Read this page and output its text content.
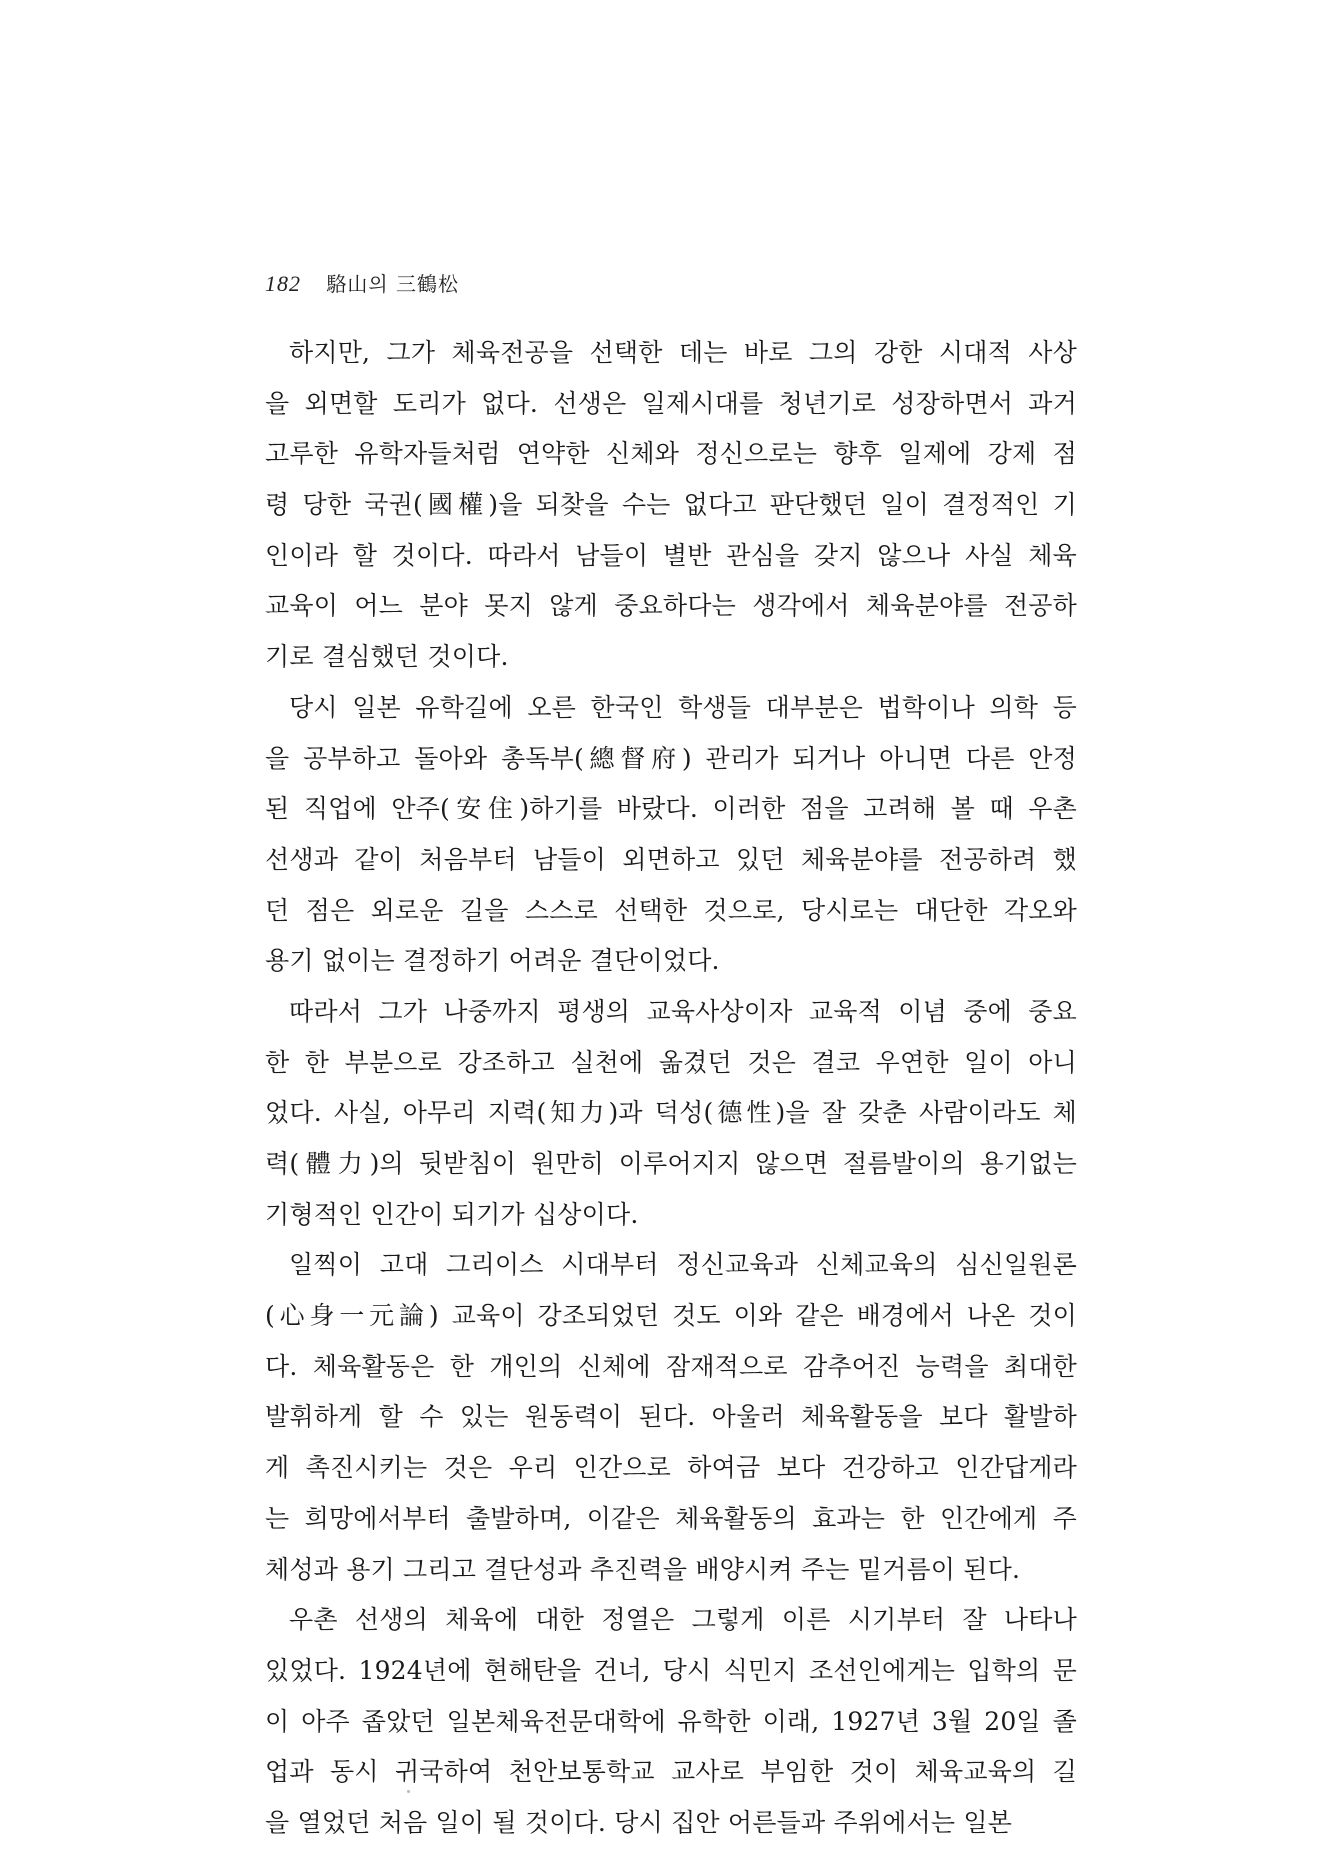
182 駱山의 三鶴松
하지만, 그가 체육전공을 선택한 데는 바로 그의 강한 시대적 사상
을 외면할 도리가 없다. 선생은 일제시대를 청년기로 성장하면서 과거
고루한 유학자들처럼 연약한 신체와 정신으로는 향후 일제에 강제 점
령 당한 국권(國權)을 되찾을 수는 없다고 판단했던 일이 결정적인 기
인이라 할 것이다. 따라서 남들이 별반 관심을 갖지 않으나 사실 체육
교육이 어느 분야 못지 않게 중요하다는 생각에서 체육분야를 전공하
기로 결심했던 것이다.
당시 일본 유학길에 오른 한국인 학생들 대부분은 법학이나 의학 등
을 공부하고 돌아와 총독부(總督府) 관리가 되거나 아니면 다른 안정
된 직업에 안주(安住)하기를 바랐다. 이러한 점을 고려해 볼 때 우촌
선생과 같이 처음부터 남들이 외면하고 있던 체육분야를 전공하려 했
던 점은 외로운 길을 스스로 선택한 것으로, 당시로는 대단한 각오와
용기 없이는 결정하기 어려운 결단이었다.
따라서 그가 나중까지 평생의 교육사상이자 교육적 이념 중에 중요
한 한 부분으로 강조하고 실천에 옮겼던 것은 결코 우연한 일이 아니
었다. 사실, 아무리 지력(知力)과 덕성(德性)을 잘 갖춘 사람이라도 체
력(體力)의 뒷받침이 원만히 이루어지지 않으면 절름발이의 용기없는
기형적인 인간이 되기가 십상이다.
일찍이 고대 그리이스 시대부터 정신교육과 신체교육의 심신일원론
(心身一元論) 교육이 강조되었던 것도 이와 같은 배경에서 나온 것이
다. 체육활동은 한 개인의 신체에 잠재적으로 감추어진 능력을 최대한
발휘하게 할 수 있는 원동력이 된다. 아울러 체육활동을 보다 활발하
게 촉진시키는 것은 우리 인간으로 하여금 보다 건강하고 인간답게라
는 희망에서부터 출발하며, 이같은 체육활동의 효과는 한 인간에게 주
체성과 용기 그리고 결단성과 추진력을 배양시켜 주는 밑거름이 된다.
우촌 선생의 체육에 대한 정열은 그렇게 이른 시기부터 잘 나타나
있었다. 1924년에 현해탄을 건너, 당시 식민지 조선인에게는 입학의 문
이 아주 좁았던 일본체육전문대학에 유학한 이래, 1927년 3월 20일 졸
업과 동시 귀국하여 천안보통학교 교사로 부임한 것이 체육교육의 길
을 열었던 처음 일이 될 것이다. 당시 집안 어른들과 주위에서는 일본
